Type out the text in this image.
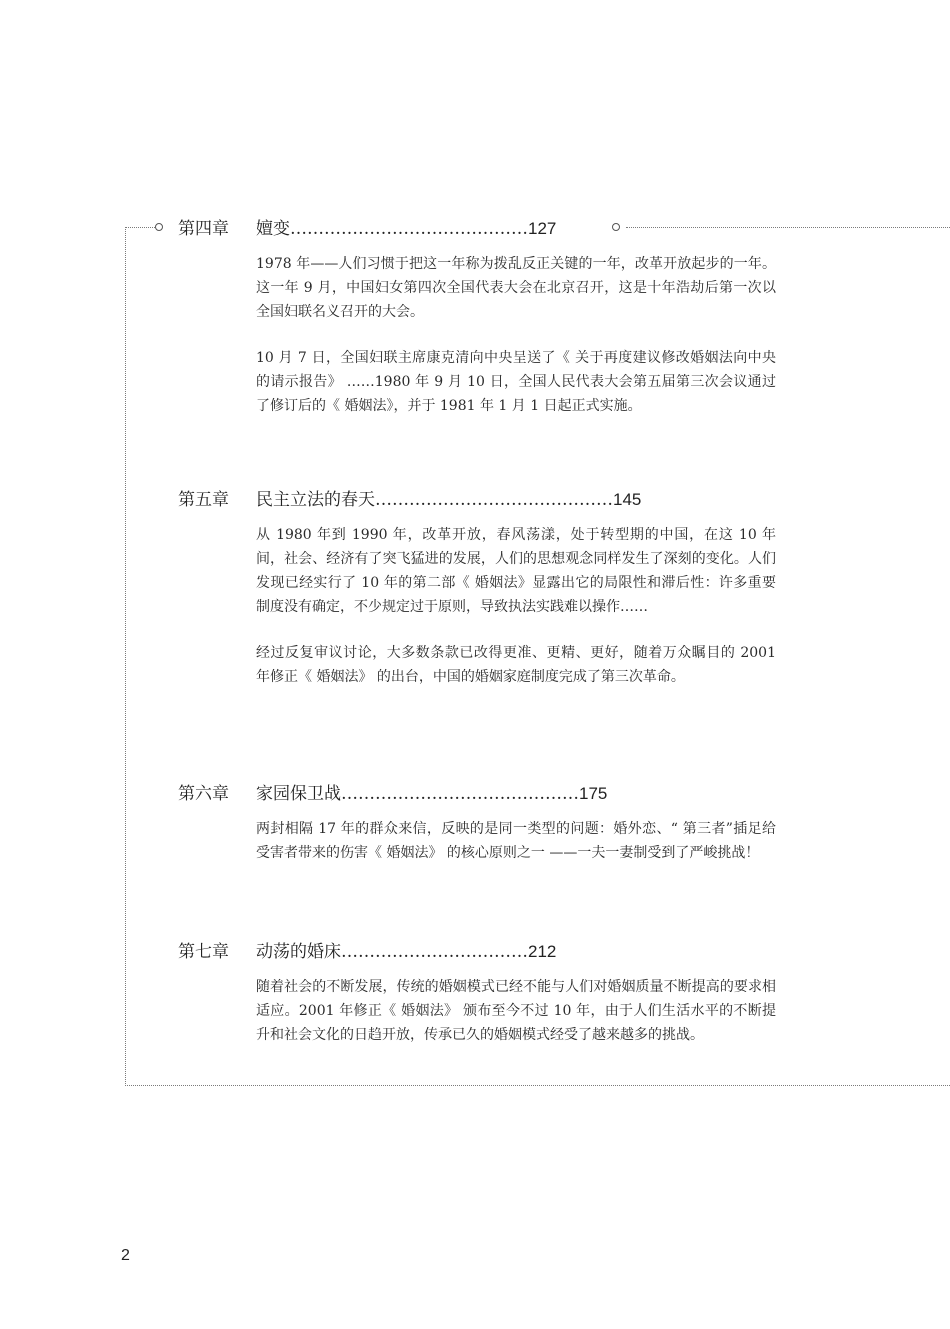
第四章 嬗变……………………………………127

1978 年——人们习惯于把这一年称为拨乱反正关键的一年，改革开放起步的一年。这一年 9 月，中国妇女第四次全国代表大会在北京召开，这是十年浩劫后第一次以全国妇联名义召开的大会。

10 月 7 日，全国妇联主席康克清向中央呈送了《 关于再度建议修改婚姻法向中央的请示报告》 ……1980 年 9 月 10 日，全国人民代表大会第五届第三次会议通过了修订后的《 婚姻法》，并于 1981 年 1 月 1 日起正式实施。

第五章 民主立法的春天……………………………………145

从 1980 年到 1990 年，改革开放，春风荡漾，处于转型期的中国，在这 10 年间，社会、经济有了突飞猛进的发展，人们的思想观念同样发生了深刻的变化。人们发现已经实行了 10 年的第二部《 婚姻法》显露出它的局限性和滞后性：许多重要制度没有确定，不少规定过于原则，导致执法实践难以操作……

经过反复审议讨论，大多数条款已改得更准、更精、更好，随着万众瞩目的 2001 年修正《 婚姻法》 的出台，中国的婚姻家庭制度完成了第三次革命。

第六章 家园保卫战……………………………………175

两封相隔 17 年的群众来信，反映的是同一类型的问题：婚外恋、“ 第三者”插足给受害者带来的伤害《 婚姻法》 的核心原则之一 ——一夫一妻制受到了严峻挑战！

第七章 动荡的婚床……………………………212

随着社会的不断发展，传统的婚姻模式已经不能与人们对婚姻质量不断提高的要求相适应。2001 年修正《 婚姻法》 颁布至今不过 10 年，由于人们生活水平的不断提升和社会文化的日趋开放，传承已久的婚姻模式经受了越来越多的挑战。

2
